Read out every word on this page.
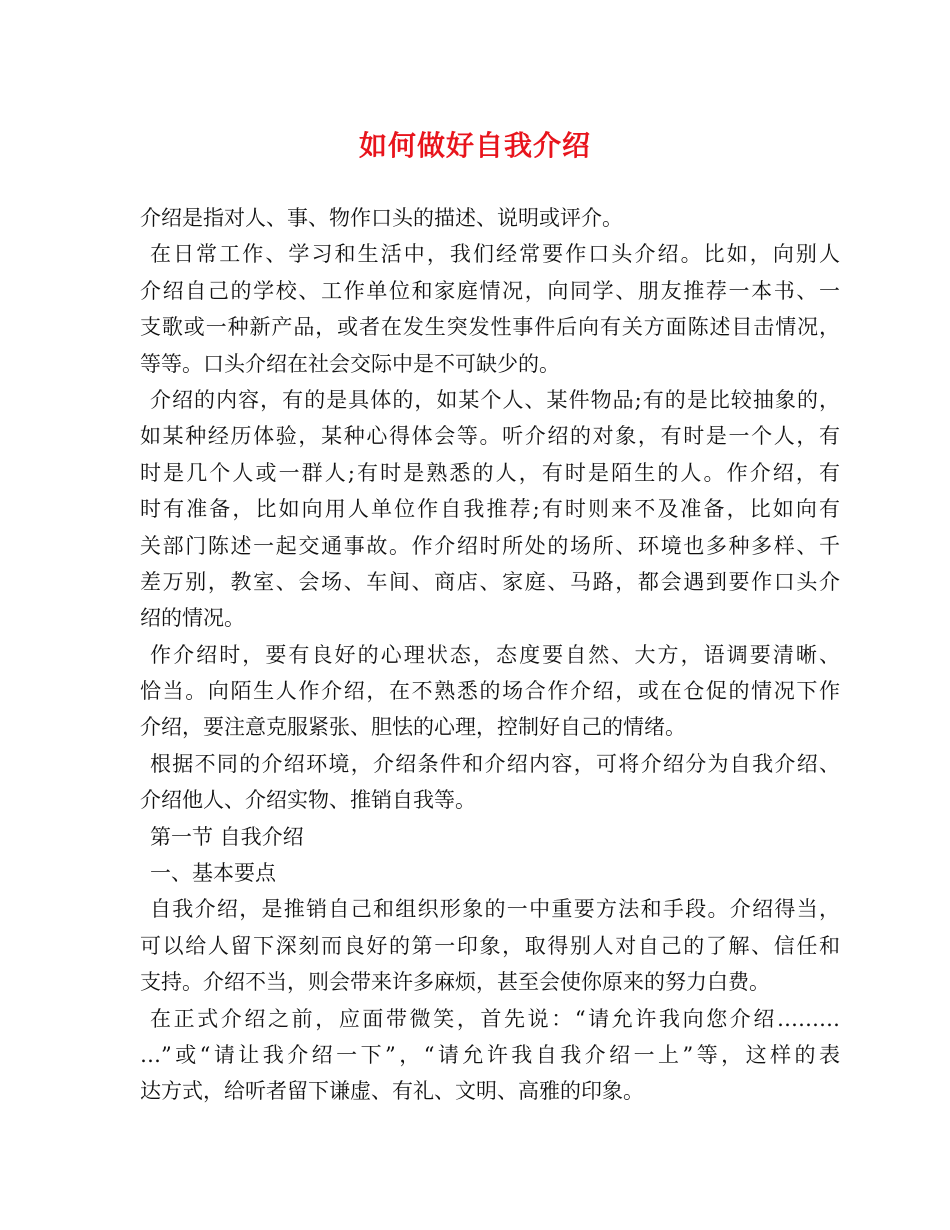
如何做好自我介绍
介绍是指对人、事、物作口头的描述、说明或评介。
在日常工作、学习和生活中，我们经常要作口头介绍。比如，向别人
介绍自己的学校、工作单位和家庭情况，向同学、朋友推荐一本书、一
支歌或一种新产品，或者在发生突发性事件后向有关方面陈述目击情况，
等等。口头介绍在社会交际中是不可缺少的。
介绍的内容，有的是具体的，如某个人、某件物品;有的是比较抽象的，
如某种经历体验，某种心得体会等。听介绍的对象，有时是一个人，有
时是几个人或一群人;有时是熟悉的人，有时是陌生的人。作介绍，有
时有准备，比如向用人单位作自我推荐;有时则来不及准备，比如向有
关部门陈述一起交通事故。作介绍时所处的场所、环境也多种多样、千
差万别，教室、会场、车间、商店、家庭、马路，都会遇到要作口头介
绍的情况。
作介绍时，要有良好的心理状态，态度要自然、大方，语调要清晰、
恰当。向陌生人作介绍，在不熟悉的场合作介绍，或在仓促的情况下作
介绍，要注意克服紧张、胆怯的心理，控制好自己的情绪。
根据不同的介绍环境，介绍条件和介绍内容，可将介绍分为自我介绍、
介绍他人、介绍实物、推销自我等。
第一节 自我介绍
一、基本要点
自我介绍，是推销自己和组织形象的一中重要方法和手段。介绍得当，
可以给人留下深刻而良好的第一印象，取得别人对自己的了解、信任和
支持。介绍不当，则会带来许多麻烦，甚至会使你原来的努力白费。
在正式介绍之前，应面带微笑，首先说：“请允许我向您介绍………
…”或“请让我介绍一下”，“请允许我自我介绍一上”等，这样的表
达方式，给听者留下谦虚、有礼、文明、高雅的印象。
